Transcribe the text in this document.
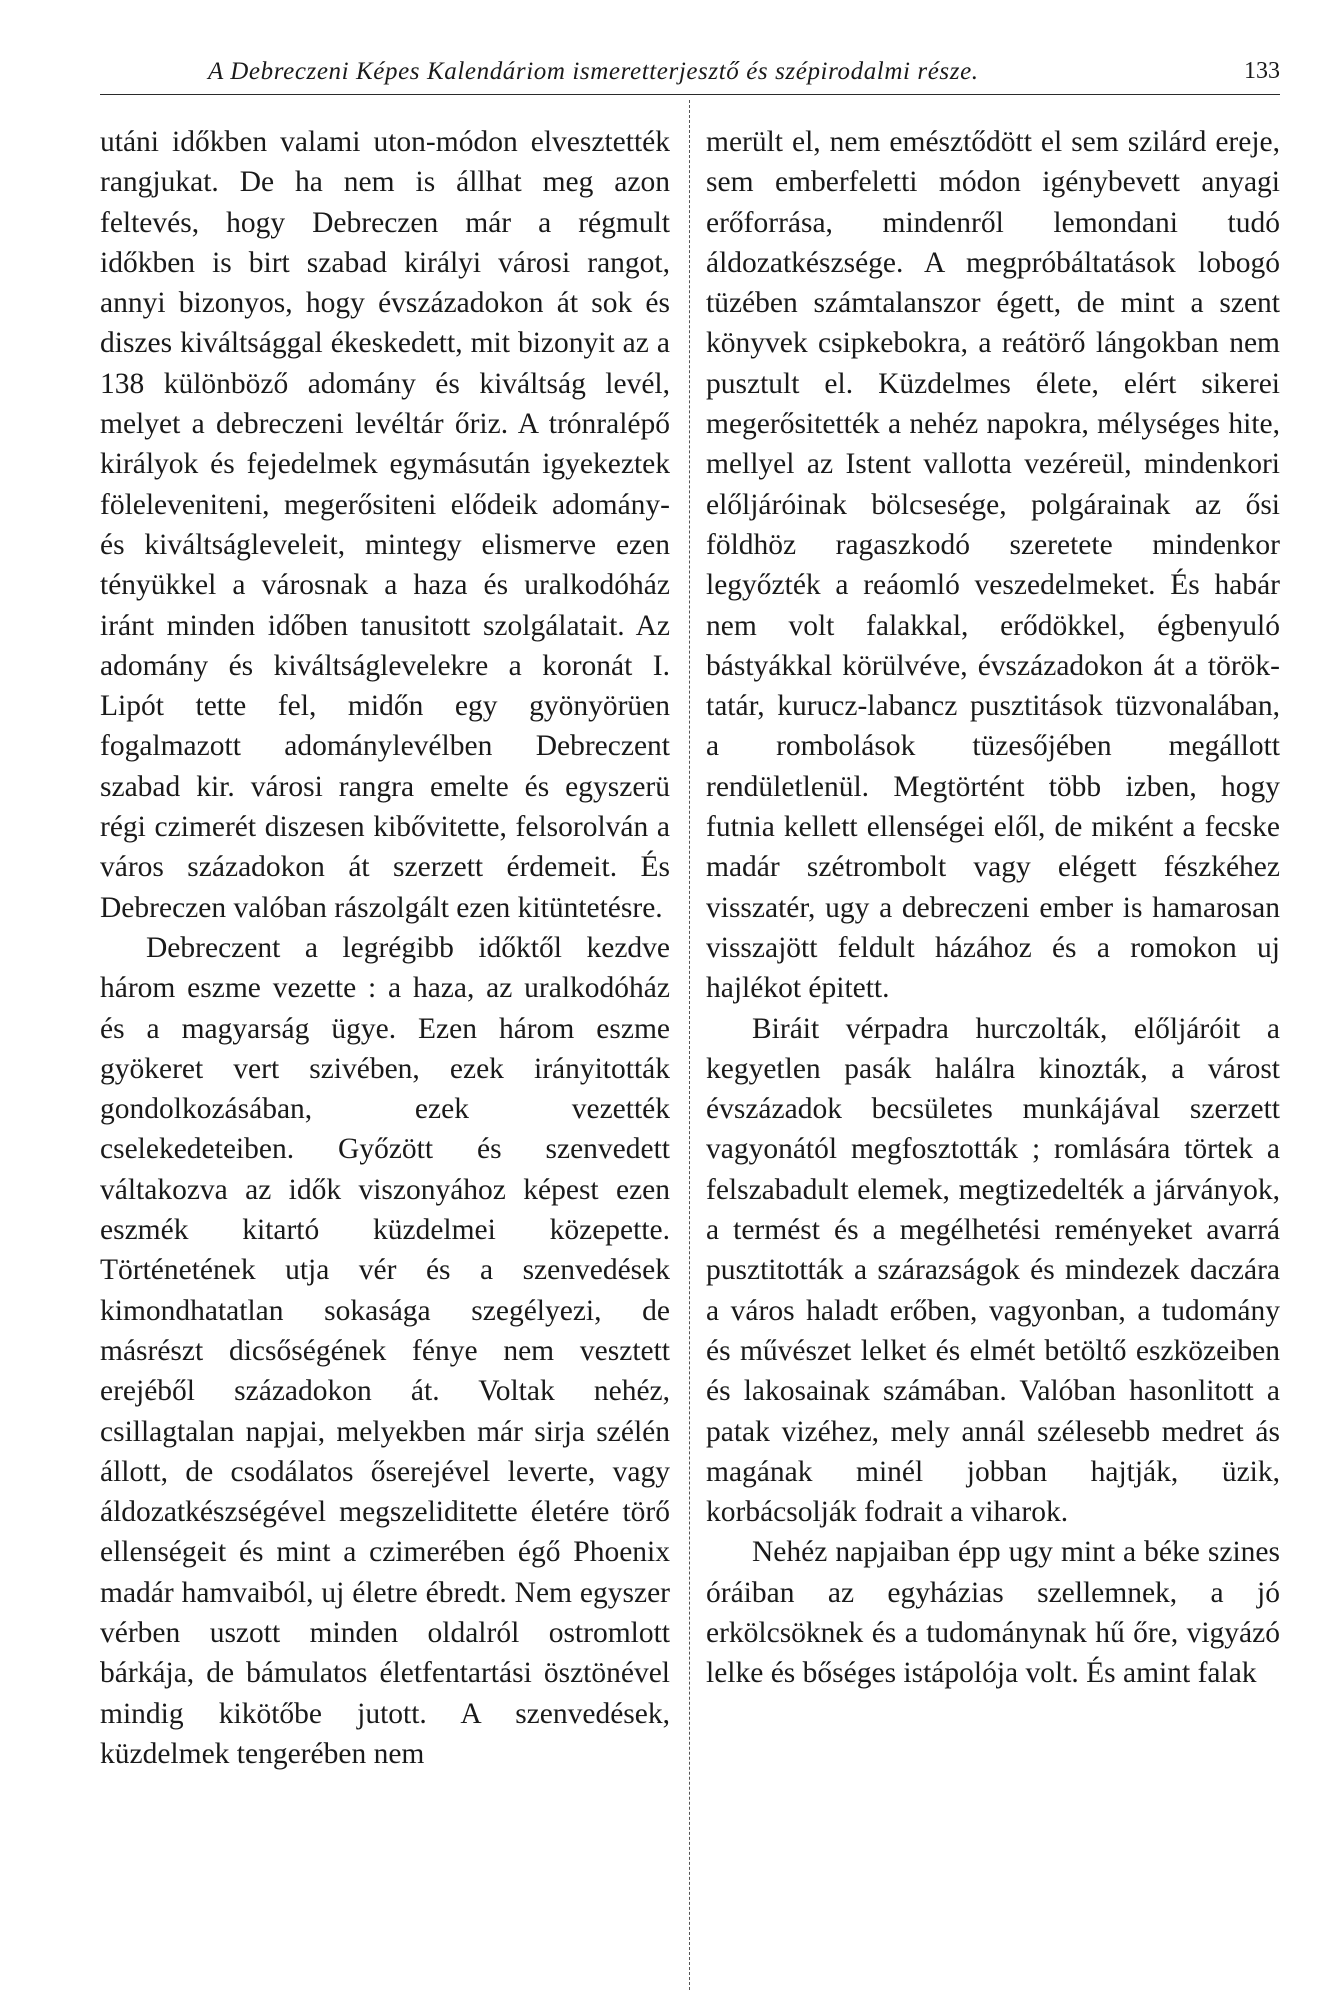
A Debreczeni Képes Kalendáriom ismeretterjesztő és szépirodalmi része.	133

utáni időkben valami uton-módon elvesztették rangjukat. De ha nem is állhat meg azon feltevés, hogy Debreczen már a régmult időkben is birt szabad királyi városi rangot, annyi bizonyos, hogy évszázadokon át sok és diszes kiváltsággal ékeskedett, mit bizonyit az a 138 különböző adomány és kiváltság levél, melyet a debreczeni levéltár őriz. A trónralépő királyok és fejedelmek egymásután igyekeztek föleleveniteni, megerősiteni elődeik adomány- és kiváltságleveleit, mintegy elismerve ezen tényükkel a városnak a haza és uralkodóház iránt minden időben tanusitott szolgálatait. Az adomány és kiváltságlevelekre a koronát I. Lipót tette fel, midőn egy gyönyörüen fogalmazott adománylevélben Debreczent szabad kir. városi rangra emelte és egyszerü régi czimerét diszesen kibővitette, felsorolván a város századokon át szerzett érdemeit. És Debreczen valóban rászolgált ezen kitüntetésre.

Debreczent a legrégibb időktől kezdve három eszme vezette : a haza, az uralkodóház és a magyarság ügye. Ezen három eszme gyökeret vert szivében, ezek irányitották gondolkozásában, ezek vezették cselekedeteiben. Győzött és szenvedett váltakozva az idők viszonyához képest ezen eszmék kitartó küzdelmei közepette. Történetének utja vér és a szenvedések kimondhatatlan sokasága szegélyezi, de másrészt dicsőségének fénye nem vesztett erejéből századokon át. Voltak nehéz, csillagtalan napjai, melyekben már sirja szélén állott, de csodálatos őserejével leverte, vagy áldozatkészségével megszeliditette életére törő ellenségeit és mint a czimerében égő Phoenix madár hamvaiból, uj életre ébredt. Nem egyszer vérben uszott minden oldalról ostromlott bárkája, de bámulatos életfentartási ösztönével mindig kikötőbe jutott. A szenvedések, küzdelmek tengerében nem

merült el, nem emésztődött el sem szilárd ereje, sem emberfeletti módon igénybevett anyagi erőforrása, mindenről lemondani tudó áldozatkészsége. A megpróbáltatások lobogó tüzében számtalanszor égett, de mint a szent könyvek csipkebokra, a reátörő lángokban nem pusztult el. Küzdelmes élete, elért sikerei megerősitették a nehéz napokra, mélységes hite, mellyel az Istent vallotta vezéreül, mindenkori előljáróinak bölcsesége, polgárainak az ősi földhöz ragaszkodó szeretete mindenkor legyőzték a reáomló veszedelmeket. És habár nem volt falakkal, erődökkel, égbenyuló bástyákkal körülvéve, évszázadokon át a török-tatár, kurucz-labancz pusztitások tüzvonalában, a rombolások tüzesőjében megállott rendületlenül. Megtörtént több izben, hogy futnia kellett ellenségei elől, de miként a fecske madár szétrombolt vagy elégett fészkéhez visszatér, ugy a debreczeni ember is hamarosan visszajött feldult házához és a romokon uj hajlékot épitett.

Biráit vérpadra hurczolták, előljáróit a kegyetlen pasák halálra kinozták, a várost évszázadok becsületes munkájával szerzett vagyonától megfosztották ; romlására törtek a felszabadult elemek, megtizedelték a járványok, a termést és a megélhetési reményeket avarrá pusztitották a szárazságok és mindezek daczára a város haladt erőben, vagyonban, a tudomány és művészet lelket és elmét betöltő eszközeiben és lakosainak számában. Valóban hasonlitott a patak vizéhez, mely annál szélesebb medret ás magának minél jobban hajtják, üzik, korbácsolják fodrait a viharok.

Nehéz napjaiban épp ugy mint a béke szines óráiban az egyházias szellemnek, a jó erkölcsöknek és a tudománynak hű őre, vigyázó lelke és bőséges istápolója volt. És amint falak
